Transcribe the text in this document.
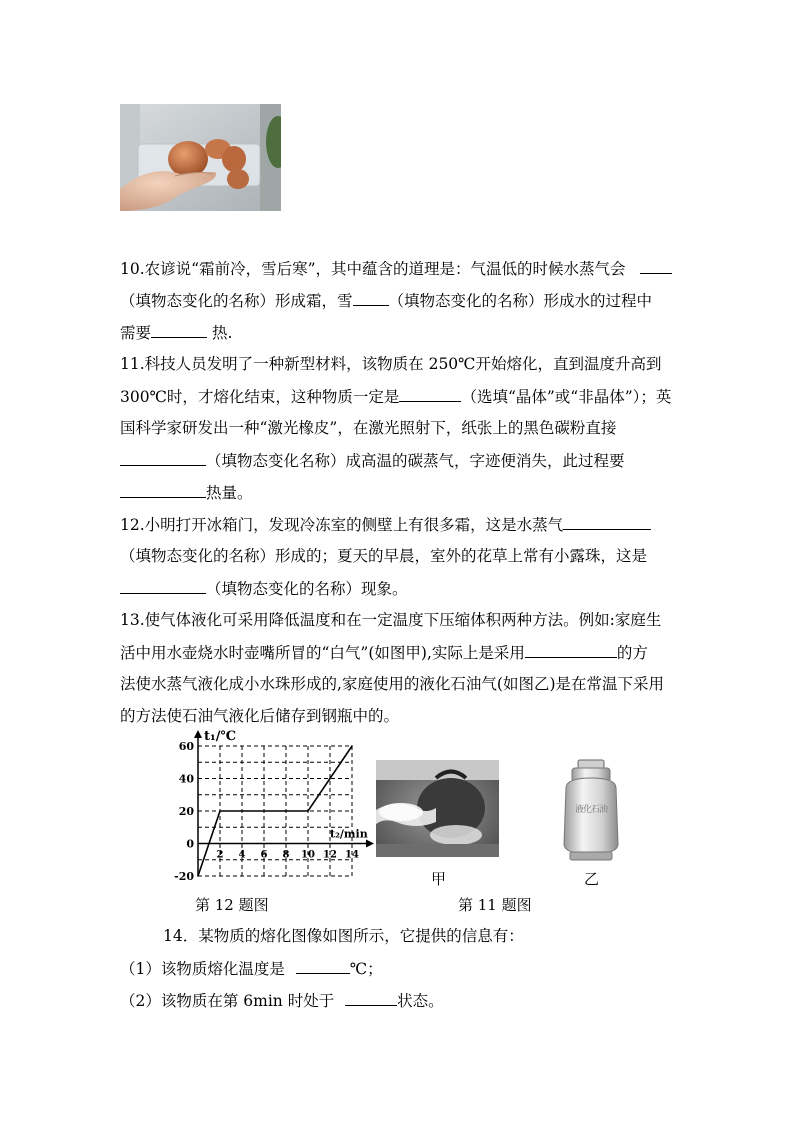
10.农谚说“霜前冷，雪后寒”，其中蕴含的道理是：气温低的时候水蒸气会
（填物态变化的名称）形成霜，雪 （填物态变化的名称）形成水的过程中
需要	热.
11.科技人员发明了一种新型材料，该物质在 250℃开始熔化，直到温度升高到
300℃时，才熔化结束，这种物质一定是	（选填“晶体”或“非晶体”）；英
国科学家研发出一种“激光橡皮”，在激光照射下，纸张上的黑色碳粉直接
（填物态变化名称）成高温的碳蒸气，字迹便消失，此过程要
热量。
12.小明打开冰箱门，发现冷冻室的侧壁上有很多霜，这是水蒸气
（填物态变化的名称）形成的；夏天的早晨，室外的花草上常有小露珠，这是
（填物态变化的名称）现象。
13.使气体液化可采用降低温度和在一定温度下压缩体积两种方法。例如:家庭生
活中用水壶烧水时壶嘴所冒的“白气”(如图甲),实际上是采用	的方
法使水蒸气液化成小水珠形成的,家庭使用的液化石油气(如图乙)是在常温下采用
的方法使石油气液化后储存到钢瓶中的。
t₁/℃
t₂/min
60
40
20
0
-20
2 4 6 8 10 12 14
甲
液化石油
乙
第 12 题图	第 11 题图
14．某物质的熔化图像如图所示，它提供的信息有：
（1）该物质熔化温度是	℃；
（2）该物质在第 6min 时处于	状态。
